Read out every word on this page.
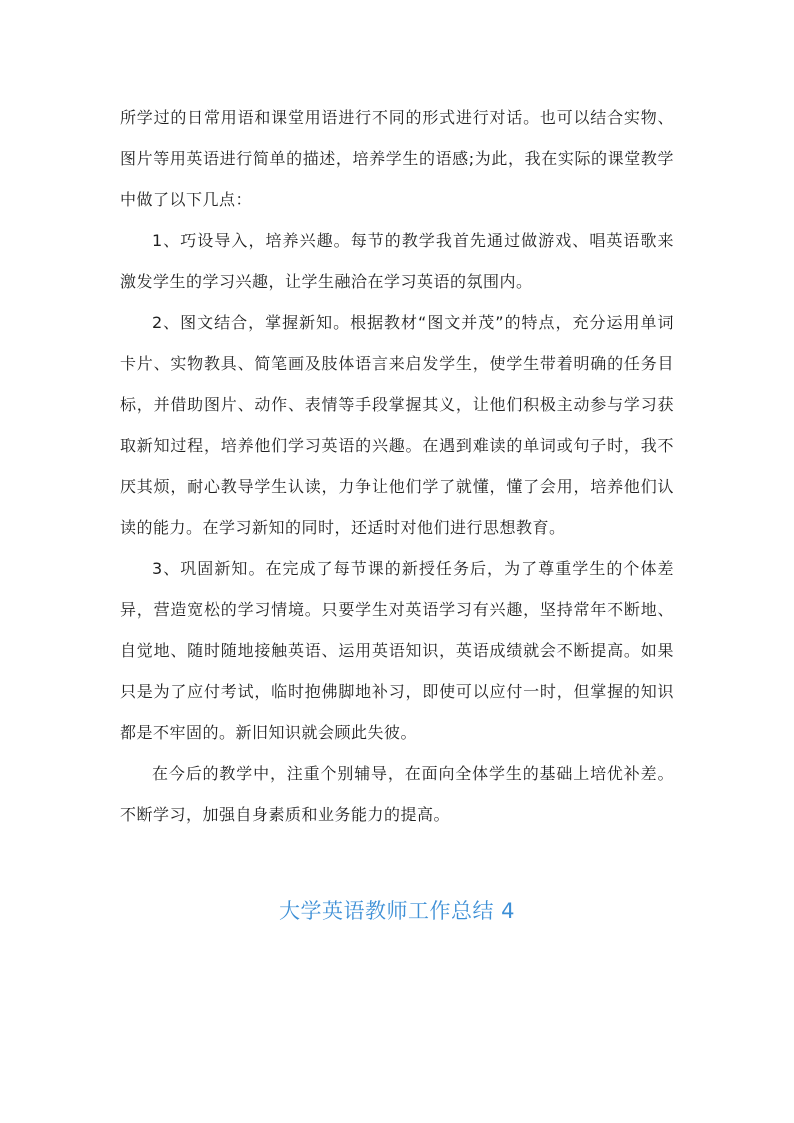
所学过的日常用语和课堂用语进行不同的形式进行对话。也可以结合实物、图片等用英语进行简单的描述，培养学生的语感;为此，我在实际的课堂教学中做了以下几点：

1、巧设导入，培养兴趣。每节的教学我首先通过做游戏、唱英语歌来激发学生的学习兴趣，让学生融洽在学习英语的氛围内。

2、图文结合，掌握新知。根据教材“图文并茂”的特点，充分运用单词卡片、实物教具、简笔画及肢体语言来启发学生，使学生带着明确的任务目标，并借助图片、动作、表情等手段掌握其义，让他们积极主动参与学习获取新知过程，培养他们学习英语的兴趣。在遇到难读的单词或句子时，我不厌其烦，耐心教导学生认读，力争让他们学了就懂，懂了会用，培养他们认读的能力。在学习新知的同时，还适时对他们进行思想教育。

3、巩固新知。在完成了每节课的新授任务后，为了尊重学生的个体差异，营造宽松的学习情境。只要学生对英语学习有兴趣，坚持常年不断地、自觉地、随时随地接触英语、运用英语知识，英语成绩就会不断提高。如果只是为了应付考试，临时抱佛脚地补习，即使可以应付一时，但掌握的知识都是不牢固的。新旧知识就会顾此失彼。

在今后的教学中，注重个别辅导，在面向全体学生的基础上培优补差。不断学习，加强自身素质和业务能力的提高。

大学英语教师工作总结 4
